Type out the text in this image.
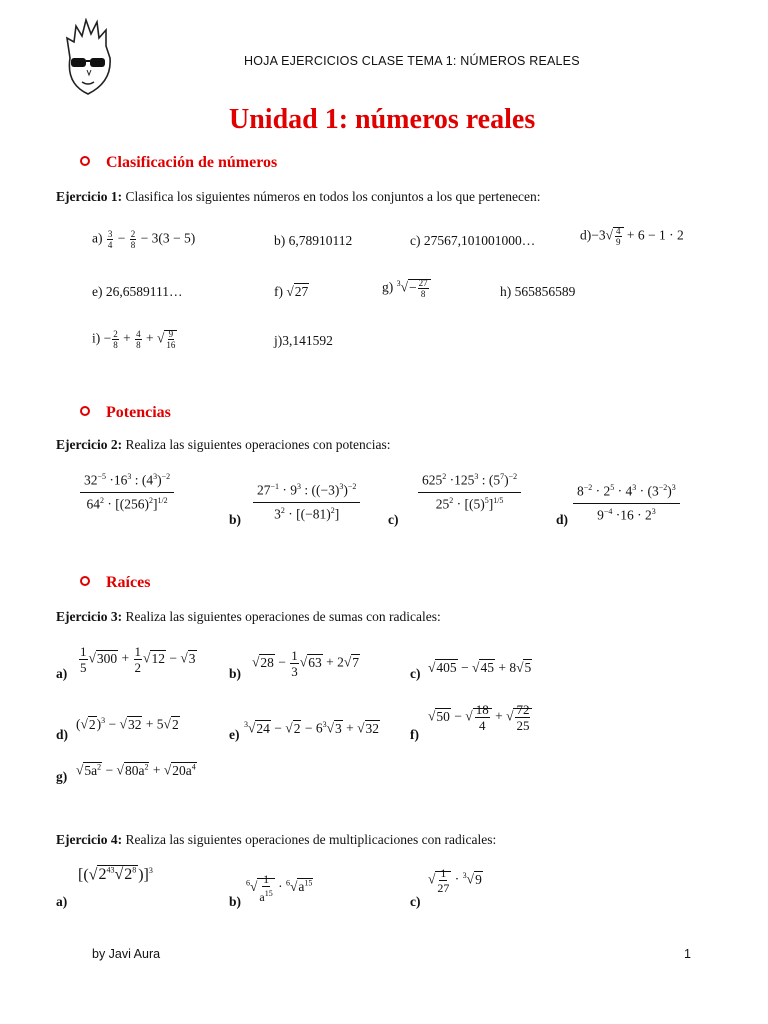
HOJA EJERCICIOS CLASE TEMA 1: NÚMEROS REALES
Unidad 1: números reales
Clasificación de números
Ejercicio 1: Clasifica los siguientes números en todos los conjuntos a los que pertenecen:
$a) \frac{3}{4} - \frac{2}{8} - 3(3 - 5)$	b) 6,78910112	c) 27567,101001000…	$d)-3√ \frac{4}{9} + 6 - 1 \cdot 2$
e) 26,6589111…	f) √27	g) $^3√- \frac{27}{8}$	h) 565856589
$i) - \frac{2}{8} + \frac{4}{8}$ + √ $\frac{9}{16}$	j)3,141592
Potencias
Ejercicio 2: Realiza las siguientes operaciones con potencias:
$32^{-5} \cdot 16^3$ : $(4^3)^{-2}$
$64^2 \cdot [(256)^2]^{1/2}$
b)
$27^{-1} \cdot 9^3$ : $((-3)^3)^{-2}$
$3^2 \cdot [(-81)^2]$	c)
$625^2 \cdot 125^3$ : $(5^7)^{-2}$
$25^2 \cdot [(5)^5]^{1/5}$
d)
$8^{-2} \cdot 2^5 \cdot 4^3 \cdot (3^{-2})^3$
$9^{-4} \cdot 16 \cdot 2^3$
Raíces
Ejercicio 3: Realiza las siguientes operaciones de sumas con radicales:
$a) \frac{1}{5} √300 + \frac{1}{2} √12 - √3$
b)
$√28 - \frac{1}{3} √63 + 2√7$
c) √405 − √45 + 8√5
d)
$(√2)^3 - √32 + 5√2$
e)
$^3√24 - √2 - 6^3√3 + √32$ f)
√50 − √ $\frac{18}{4}$ + √ $\frac{72}{25}$
g) $√5a^2 - √80a^2 + √20a^4$
Ejercicio 4: Realiza las siguientes operaciones de multiplicaciones con radicales:
a)
[($√2^{43}√2^8$ )]$^3$
b)
$^6√ \frac{1}{a^{15}} \cdot ^6√a^{15}$
c)
√ $\frac{1}{27} \cdot ^3√9$
by Javi Aura	1
